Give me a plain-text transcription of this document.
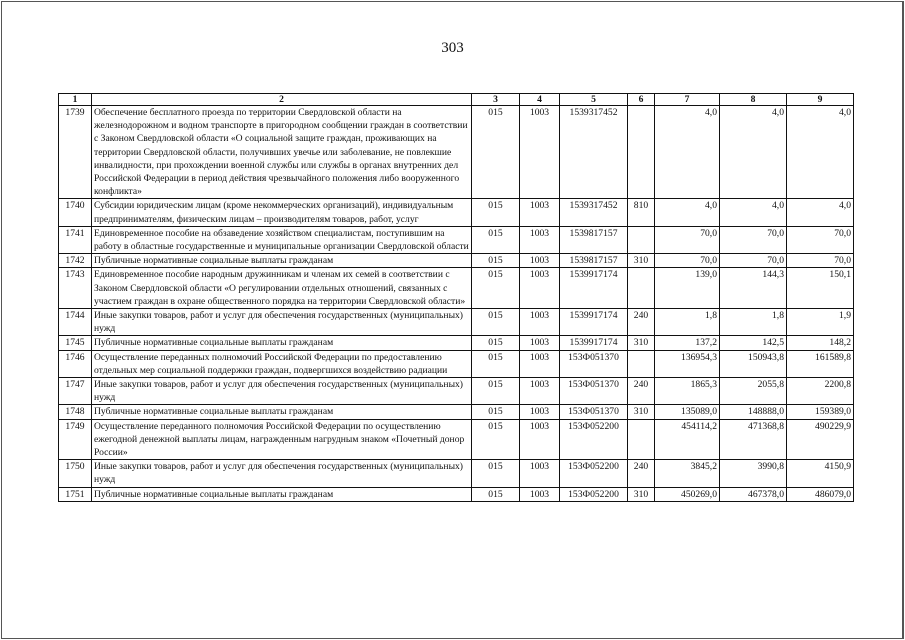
303
1	2	3	4	5	6	7	8	9
1739	Обеспечение бесплатного проезда по территории Свердловской области на железнодорожном и водном транспорте в пригородном сообщении граждан в соответствии с Законом Свердловской области «О социальной защите граждан, проживающих на территории Свердловской области, получивших увечье или заболевание, не повлекшие инвалидности, при прохождении военной службы или службы в органах внутренних дел Российской Федерации в период действия чрезвычайного положения либо вооруженного конфликта»	015	1003	1539317452		4,0	4,0	4,0
1740	Субсидии юридическим лицам (кроме некоммерческих организаций), индивидуальным предпринимателям, физическим лицам – производителям товаров, работ, услуг	015	1003	1539317452	810	4,0	4,0	4,0
1741	Единовременное пособие на обзаведение хозяйством специалистам, поступившим на работу в областные государственные и муниципальные организации Свердловской области	015	1003	1539817157		70,0	70,0	70,0
1742	Публичные нормативные социальные выплаты гражданам	015	1003	1539817157	310	70,0	70,0	70,0
1743	Единовременное пособие народным дружинникам и членам их семей в соответствии с Законом Свердловской области «О регулировании отдельных отношений, связанных с участием граждан в охране общественного порядка на территории Свердловской области»	015	1003	1539917174		139,0	144,3	150,1
1744	Иные закупки товаров, работ и услуг для обеспечения государственных (муниципальных) нужд	015	1003	1539917174	240	1,8	1,8	1,9
1745	Публичные нормативные социальные выплаты гражданам	015	1003	1539917174	310	137,2	142,5	148,2
1746	Осуществление переданных полномочий Российской Федерации по предоставлению отдельных мер социальной поддержки граждан, подвергшихся воздействию радиации	015	1003	153Ф051370		136954,3	150943,8	161589,8
1747	Иные закупки товаров, работ и услуг для обеспечения государственных (муниципальных) нужд	015	1003	153Ф051370	240	1865,3	2055,8	2200,8
1748	Публичные нормативные социальные выплаты гражданам	015	1003	153Ф051370	310	135089,0	148888,0	159389,0
1749	Осуществление переданного полномочия Российской Федерации по осуществлению ежегодной денежной выплаты лицам, награжденным нагрудным знаком «Почетный донор России»	015	1003	153Ф052200		454114,2	471368,8	490229,9
1750	Иные закупки товаров, работ и услуг для обеспечения государственных (муниципальных) нужд	015	1003	153Ф052200	240	3845,2	3990,8	4150,9
1751	Публичные нормативные социальные выплаты гражданам	015	1003	153Ф052200	310	450269,0	467378,0	486079,0
